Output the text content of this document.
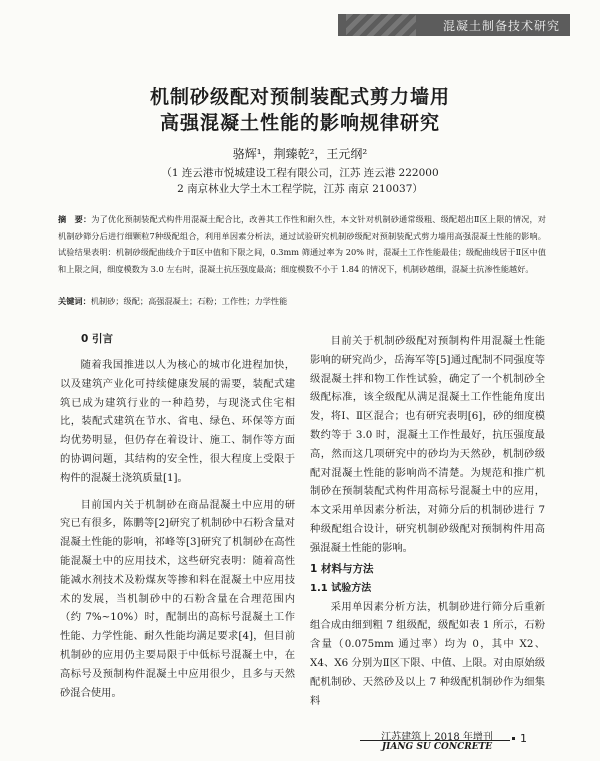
混凝土制备技术研究
机制砂级配对预制装配式剪力墙用
高强混凝土性能的影响规律研究
骆辉¹，荆臻乾²，王元纲²
（1 连云港市悦城建设工程有限公司，江苏 连云港 222000
2 南京林业大学土木工程学院，江苏 南京 210037）
摘　要：为了优化预制装配式构件用混凝土配合比，改善其工作性和耐久性，本文针对机制砂通常级粗、级配超出Ⅱ区上限的情况，对机制砂筛分后进行细颗粒7种级配组合，利用单因素分析法，通过试验研究机制砂级配对预制装配式剪力墙用高强混凝土性能的影响。试验结果表明：机制砂级配曲线介于Ⅱ区中值和下限之间，0.3mm 筛通过率为 20% 时，混凝土工作性能最佳；级配曲线居于Ⅱ区中值和上限之间，细度模数为 3.0 左右时，混凝土抗压强度最高；细度模数不小于 1.84 的情况下，机制砂越细，混凝土抗渗性能越好。
关键词：机制砂；级配；高强混凝土；石粉；工作性；力学性能

0 引言

随着我国推进以人为核心的城市化进程加快，以及建筑产业化可持续健康发展的需要，装配式建筑已成为建筑行业的一种趋势，与现浇式住宅相比，装配式建筑在节水、省电、绿色、环保等方面均优势明显，但仍存在着设计、施工、制作等方面的协调问题，其结构的安全性，很大程度上受限于构件的混凝土浇筑质量[1]。

目前国内关于机制砂在商品混凝土中应用的研究已有很多，陈鹏等[2]研究了机制砂中石粉含量对混凝土性能的影响，祁峰等[3]研究了机制砂在高性能混凝土中的应用技术，这些研究表明：随着高性能减水剂技术及粉煤灰等掺和料在混凝土中应用技术的发展，当机制砂中的石粉含量在合理范围内（约 7%~10%）时，配制出的高标号混凝土工作性能、力学性能、耐久性能均满足要求[4]，但目前机制砂的应用仍主要局限于中低标号混凝土中，在高标号及预制构件混凝土中应用很少，且多与天然砂混合使用。

目前关于机制砂级配对预制构件用混凝土性能影响的研究尚少，岳海军等[5]通过配制不同强度等级混凝土拌和物工作性试验，确定了一个机制砂全级配标准，该全级配从满足混凝土工作性能角度出发，将Ⅰ、Ⅱ区混合；也有研究表明[6]，砂的细度模数约等于 3.0 时，混凝土工作性最好，抗压强度最高，然而这几项研究中的砂均为天然砂，机制砂级配对混凝土性能的影响尚不清楚。为规范和推广机制砂在预制装配式构件用高标号混凝土中的应用，本文采用单因素分析法，对筛分后的机制砂进行 7 种级配组合设计，研究机制砂级配对预制构件用高强混凝土性能的影响。

1 材料与方法

1.1 试验方法

采用单因素分析方法，机制砂进行筛分后重新组合成由细到粗 7 组级配，级配如表 1 所示，石粉含量（0.075mm 通过率）均为 0，其中 X2、X4、X6 分别为Ⅱ区下限、中值、上限。对由原始级配机制砂、天然砂及以上 7 种级配机制砂作为细集料

江苏建筑上 2018 年增刊
JIANG SU CONCRETE
1
